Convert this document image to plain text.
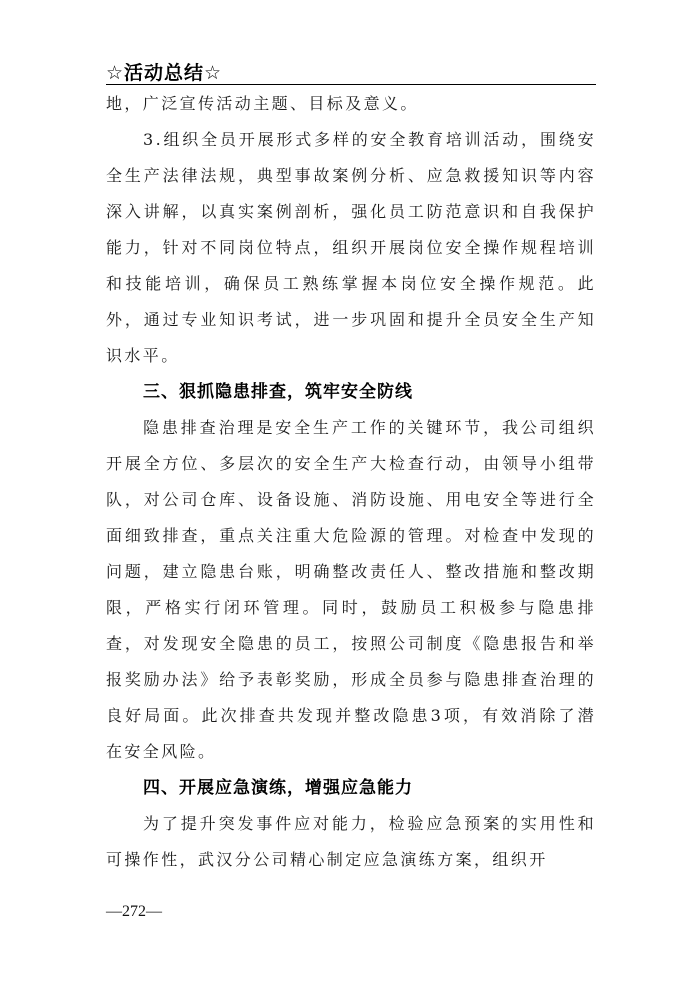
☆活动总结☆

地，广泛宣传活动主题、目标及意义。

3.组织全员开展形式多样的安全教育培训活动，围绕安全生产法律法规，典型事故案例分析、应急救援知识等内容深入讲解，以真实案例剖析，强化员工防范意识和自我保护能力，针对不同岗位特点，组织开展岗位安全操作规程培训和技能培训，确保员工熟练掌握本岗位安全操作规范。此外，通过专业知识考试，进一步巩固和提升全员安全生产知识水平。

三、狠抓隐患排查，筑牢安全防线

隐患排查治理是安全生产工作的关键环节，我公司组织开展全方位、多层次的安全生产大检查行动，由领导小组带队，对公司仓库、设备设施、消防设施、用电安全等进行全面细致排查，重点关注重大危险源的管理。对检查中发现的问题，建立隐患台账，明确整改责任人、整改措施和整改期限，严格实行闭环管理。同时，鼓励员工积极参与隐患排查，对发现安全隐患的员工，按照公司制度《隐患报告和举报奖励办法》给予表彰奖励，形成全员参与隐患排查治理的良好局面。此次排查共发现并整改隐患3项，有效消除了潜在安全风险。

四、开展应急演练，增强应急能力

为了提升突发事件应对能力，检验应急预案的实用性和可操作性，武汉分公司精心制定应急演练方案，组织开

—272—
